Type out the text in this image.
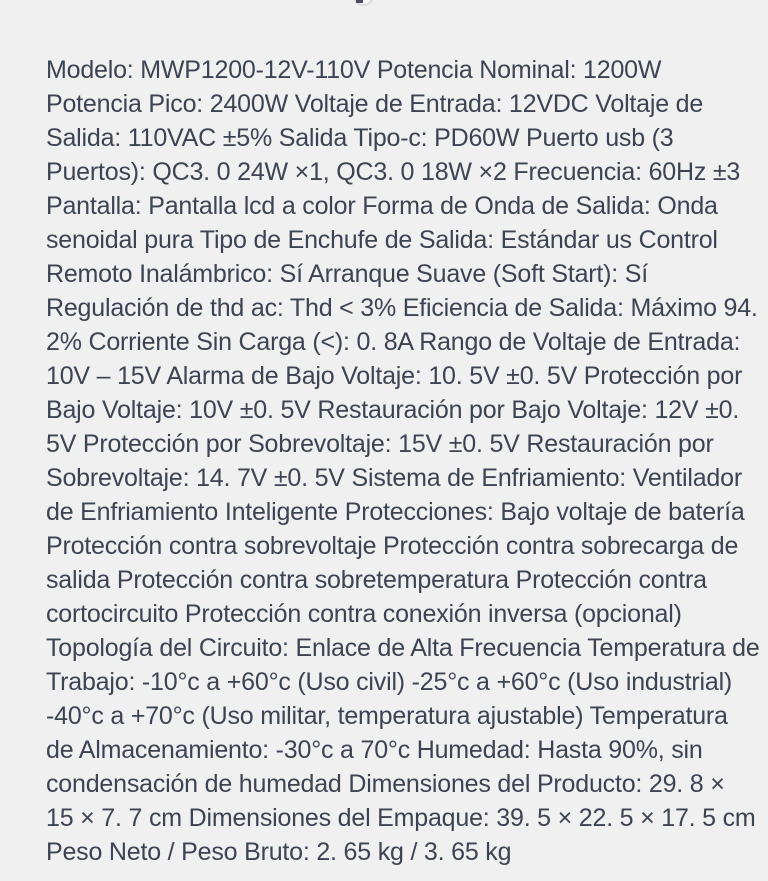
Modelo: MWP1200-12V-110V Potencia Nominal: 1200W
Potencia Pico: 2400W Voltaje de Entrada: 12VDC Voltaje de
Salida: 110VAC ±5% Salida Tipo-c: PD60W Puerto usb (3
Puertos): QC3. 0 24W ×1, QC3. 0 18W ×2 Frecuencia: 60Hz ±3
Pantalla: Pantalla lcd a color Forma de Onda de Salida: Onda
senoidal pura Tipo de Enchufe de Salida: Estándar us Control
Remoto Inalámbrico: Sí Arranque Suave (Soft Start): Sí
Regulación de thd ac: Thd < 3% Eficiencia de Salida: Máximo 94.
2% Corriente Sin Carga (<): 0. 8A Rango de Voltaje de Entrada:
10V – 15V Alarma de Bajo Voltaje: 10. 5V ±0. 5V Protección por
Bajo Voltaje: 10V ±0. 5V Restauración por Bajo Voltaje: 12V ±0.
5V Protección por Sobrevoltaje: 15V ±0. 5V Restauración por
Sobrevoltaje: 14. 7V ±0. 5V Sistema de Enfriamiento: Ventilador
de Enfriamiento Inteligente Protecciones: Bajo voltaje de batería
Protección contra sobrevoltaje Protección contra sobrecarga de
salida Protección contra sobretemperatura Protección contra
cortocircuito Protección contra conexión inversa (opcional)
Topología del Circuito: Enlace de Alta Frecuencia Temperatura de
Trabajo: -10°c a +60°c (Uso civil) -25°c a +60°c (Uso industrial)
-40°c a +70°c (Uso militar, temperatura ajustable) Temperatura
de Almacenamiento: -30°c a 70°c Humedad: Hasta 90%, sin
condensación de humedad Dimensiones del Producto: 29. 8 ×
15 × 7. 7 cm Dimensiones del Empaque: 39. 5 × 22. 5 × 17. 5 cm
Peso Neto / Peso Bruto: 2. 65 kg / 3. 65 kg
